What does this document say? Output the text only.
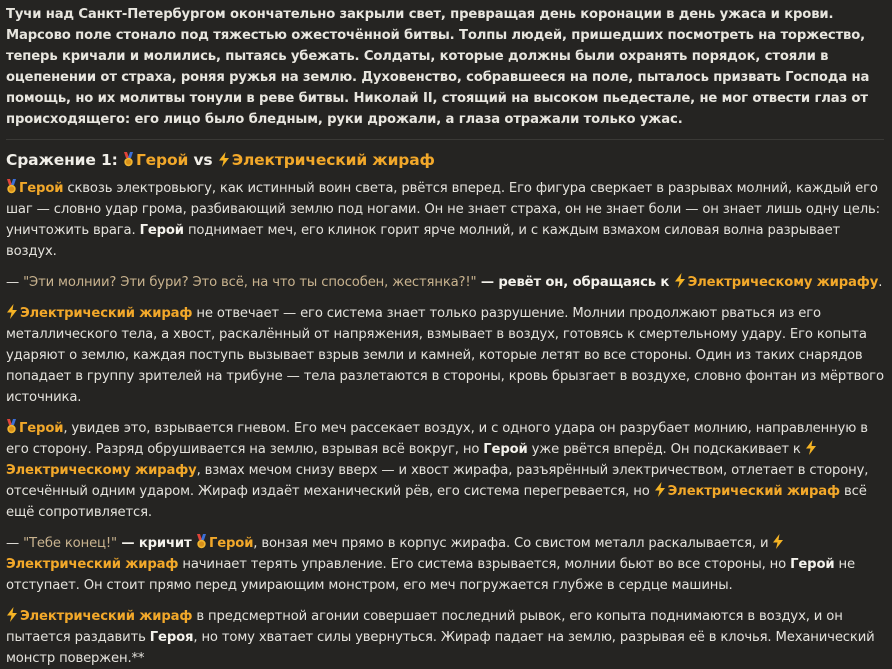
Тучи над Санкт-Петербургом окончательно закрыли свет, превращая день коронации в день ужаса и крови. Марсово поле стонало под тяжестью ожесточённой битвы. Толпы людей, пришедших посмотреть на торжество, теперь кричали и молились, пытаясь убежать. Солдаты, которые должны были охранять порядок, стояли в оцепенении от страха, роняя ружья на землю. Духовенство, собравшееся на поле, пыталось призвать Господа на помощь, но их молитвы тонули в реве битвы. Николай II, стоящий на высоком пьедестале, не мог отвести глаз от происходящего: его лицо было бледным, руки дрожали, а глаза отражали только ужас.

Сражение 1: Герой vs Электрический жираф

Герой сквозь электровьюгу, как истинный воин света, рвётся вперед. Его фигура сверкает в разрывах молний, каждый его шаг — словно удар грома, разбивающий землю под ногами. Он не знает страха, он не знает боли — он знает лишь одну цель: уничтожить врага. Герой поднимает меч, его клинок горит ярче молний, и с каждым взмахом силовая волна разрывает воздух.

— "Эти молнии? Эти бури? Это всё, на что ты способен, жестянка?!" — ревёт он, обращаясь к
Электрическому жирафу.

Электрический жираф не отвечает — его система знает только разрушение. Молнии продолжают рваться из его металлического тела, а хвост, раскалённый от напряжения, взмывает в воздух, готовясь к смертельному удару. Его копыта ударяют о землю, каждая поступь вызывает взрыв земли и камней, которые летят во все стороны. Один из таких снарядов попадает в группу зрителей на трибуне — тела разлетаются в стороны, кровь брызгает в воздухе, словно фонтан из мёртвого источника.

Герой, увидев это, взрывается гневом. Его меч рассекает воздух, и с одного удара он разрубает молнию, направленную в его сторону. Разряд обрушивается на землю, взрывая всё вокруг, но Герой уже рвётся вперёд. Он подскакивает к
Электрическому жирафу, взмах мечом снизу вверх — и хвост жирафа, разъярённый электричеством, отлетает в сторону, отсечённый одним ударом. Жираф издаёт механический рёв, его система перегревается, но
Электрический жираф всё ещё сопротивляется.

— "Тебе конец!" — кричит
Герой, вонзая меч прямо в корпус жирафа. Со свистом металл раскалывается, и
Электрический жираф начинает терять управление. Его система взрывается, молнии бьют во все стороны, но Герой не отступает. Он стоит прямо перед умирающим монстром, его меч погружается глубже в сердце машины.

Электрический жираф в предсмертной агонии совершает последний рывок, его копыта поднимаются в воздух, и он пытается раздавить Героя, но тому хватает силы увернуться. Жираф падает на землю, разрывая её в клочья. Механический монстр повержен.**
